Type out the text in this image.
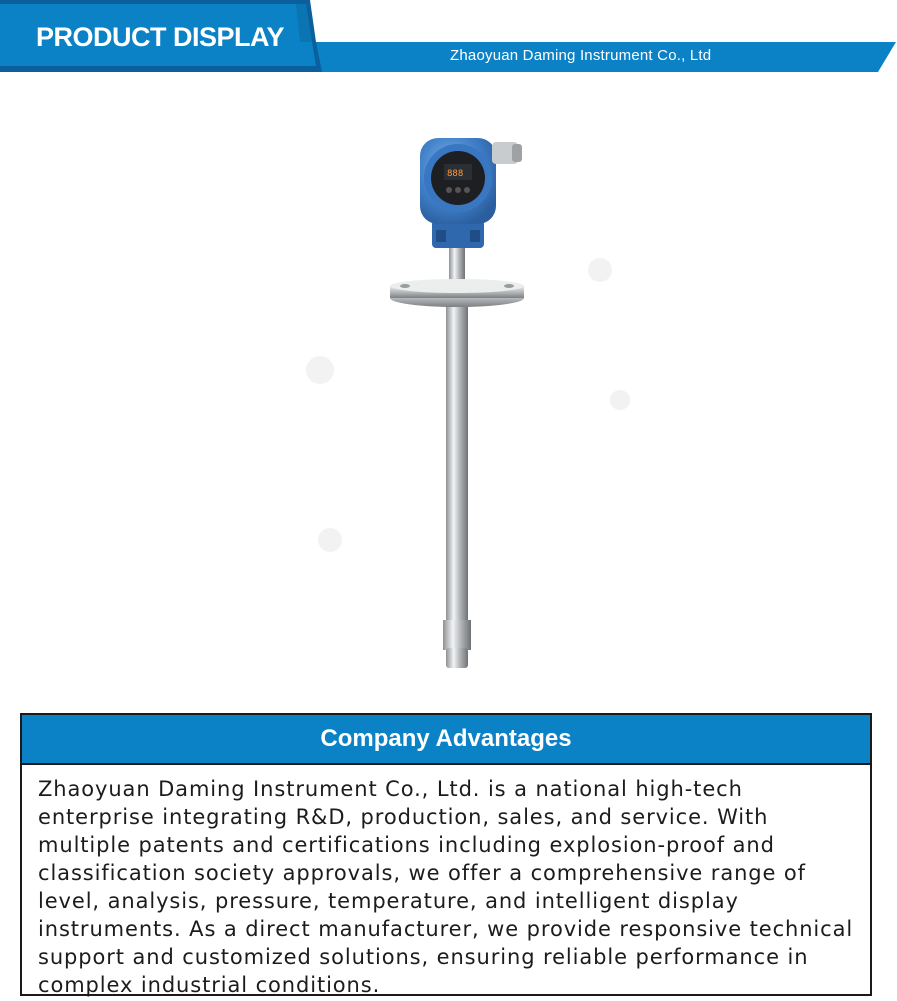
PRODUCT DISPLAY
Zhaoyuan Daming Instrument Co., Ltd
888
Company Advantages
Zhaoyuan Daming Instrument Co., Ltd. is a national high-tech enterprise integrating R&D, production, sales, and service. With multiple patents and certifications including explosion-proof and classification society approvals, we offer a comprehensive range of level, analysis, pressure, temperature, and intelligent display instruments. As a direct manufacturer, we provide responsive technical support and customized solutions, ensuring reliable performance in complex industrial conditions.
